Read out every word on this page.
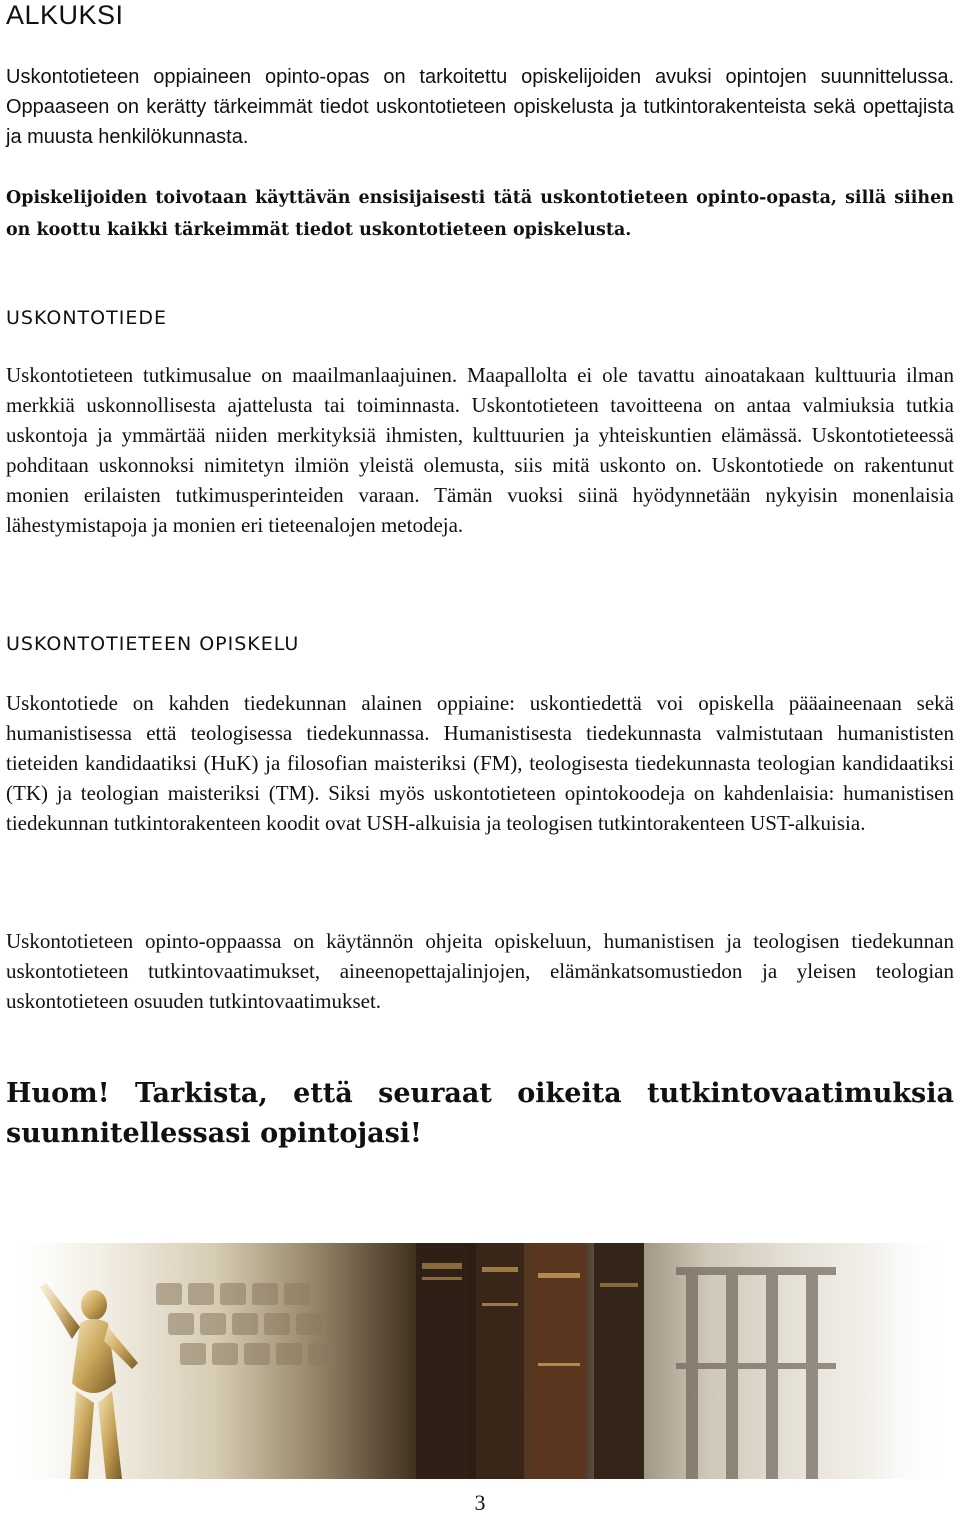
ALKUKSI

Uskontotieteen oppiaineen opinto-opas on tarkoitettu opiskelijoiden avuksi opintojen suunnittelussa. Oppaaseen on kerätty tärkeimmät tiedot uskontotieteen opiskelusta ja tutkintorakenteista sekä opettajista ja muusta henkilökunnasta.

Opiskelijoiden toivotaan käyttävän ensisijaisesti tätä uskontotieteen opinto-opasta, sillä siihen on koottu kaikki tärkeimmät tiedot uskontotieteen opiskelusta.

USKONTOTIEDE

Uskontotieteen tutkimusalue on maailmanlaajuinen. Maapallolta ei ole tavattu ainoatakaan kulttuuria ilman merkkiä uskonnollisesta ajattelusta tai toiminnasta. Uskontotieteen tavoitteena on antaa valmiuksia tutkia uskontoja ja ymmärtää niiden merkityksiä ihmisten, kulttuurien ja yhteiskuntien elämässä. Uskontotieteessä pohditaan uskonnoksi nimitetyn ilmiön yleistä olemusta, siis mitä uskonto on. Uskontotiede on rakentunut monien erilaisten tutkimusperinteiden varaan. Tämän vuoksi siinä hyödynnetään nykyisin monenlaisia lähestymistapoja ja monien eri tieteenalojen metodeja.

USKONTOTIETEEN OPISKELU

Uskontotiede on kahden tiedekunnan alainen oppiaine: uskontiedettä voi opiskella pääaineenaan sekä humanistisessa että teologisessa tiedekunnassa. Humanistisesta tiedekunnasta valmistutaan humanististen tieteiden kandidaatiksi (HuK) ja filosofian maisteriksi (FM), teologisesta tiedekunnasta teologian kandidaatiksi (TK) ja teologian maisteriksi (TM). Siksi myös uskontotieteen opintokoodeja on kahdenlaisia: humanistisen tiedekunnan tutkintorakenteen koodit ovat USH-alkuisia ja teologisen tutkintorakenteen UST-alkuisia.

Uskontotieteen opinto-oppaassa on käytännön ohjeita opiskeluun, humanistisen ja teologisen tiedekunnan uskontotieteen tutkintovaatimukset, aineenopettajalinjojen, elämänkatsomustiedon ja yleisen teologian uskontotieteen osuuden tutkintovaatimukset.

Huom! Tarkista, että seuraat oikeita tutkintovaatimuksia suunnitellessasi opintojasi!

3
